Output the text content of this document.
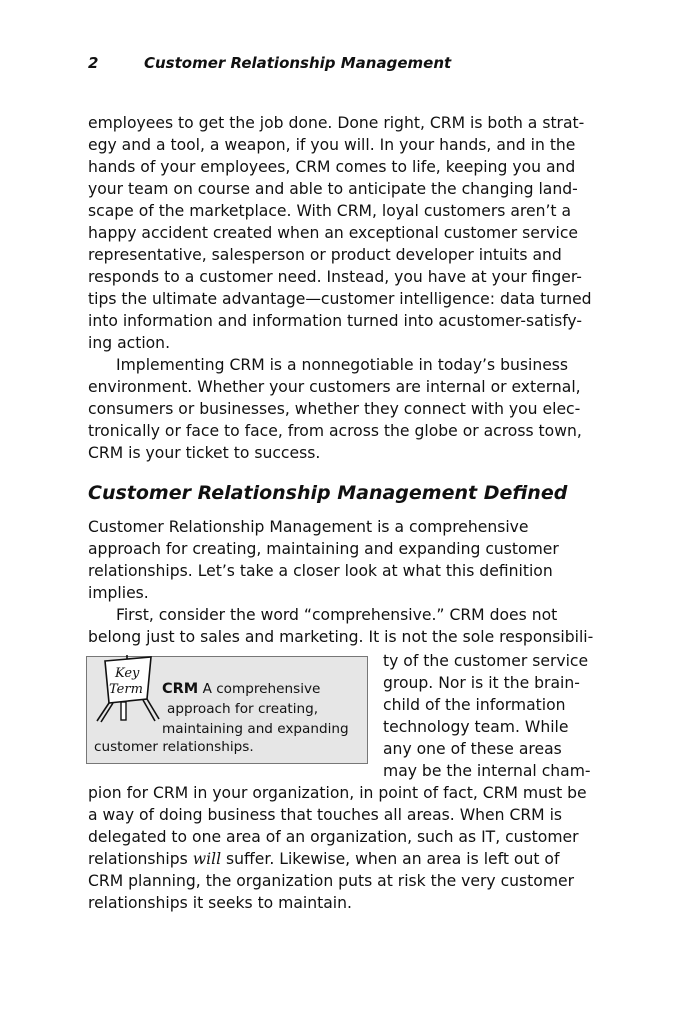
2	Customer Relationship Management
employees to get the job done. Done right, CRM is both a strat-
egy and a tool, a weapon, if you will. In your hands, and in the
hands of your employees, CRM comes to life, keeping you and
your team on course and able to anticipate the changing land-
scape of the marketplace. With CRM, loyal customers aren’t a
happy accident created when an exceptional customer service
representative, salesperson or product developer intuits and
responds to a customer need. Instead, you have at your finger-
tips the ultimate advantage—customer intelligence: data turned
into information and information turned into acustomer-satisfy-
ing action.
Implementing CRM is a nonnegotiable in today’s business
environment. Whether your customers are internal or external,
consumers or businesses, whether they connect with you elec-
tronically or face to face, from across the globe or across town,
CRM is your ticket to success.
Customer Relationship Management Defined
Customer Relationship Management is a comprehensive
approach for creating, maintaining and expanding customer
relationships. Let’s take a closer look at what this definition
implies.
First, consider the word “comprehensive.” CRM does not
belong just to sales and marketing. It is not the sole responsibili-
ty of the customer service
group. Nor is it the brain-
child of the information
technology team. While
any one of these areas
may be the internal cham-
Key
Term CRM A comprehensive
approach for creating,
maintaining and expanding
customer relationships.
pion for CRM in your organization, in point of fact, CRM must be
a way of doing business that touches all areas. When CRM is
delegated to one area of an organization, such as IT, customer
relationships will suffer. Likewise, when an area is left out of
CRM planning, the organization puts at risk the very customer
relationships it seeks to maintain.
